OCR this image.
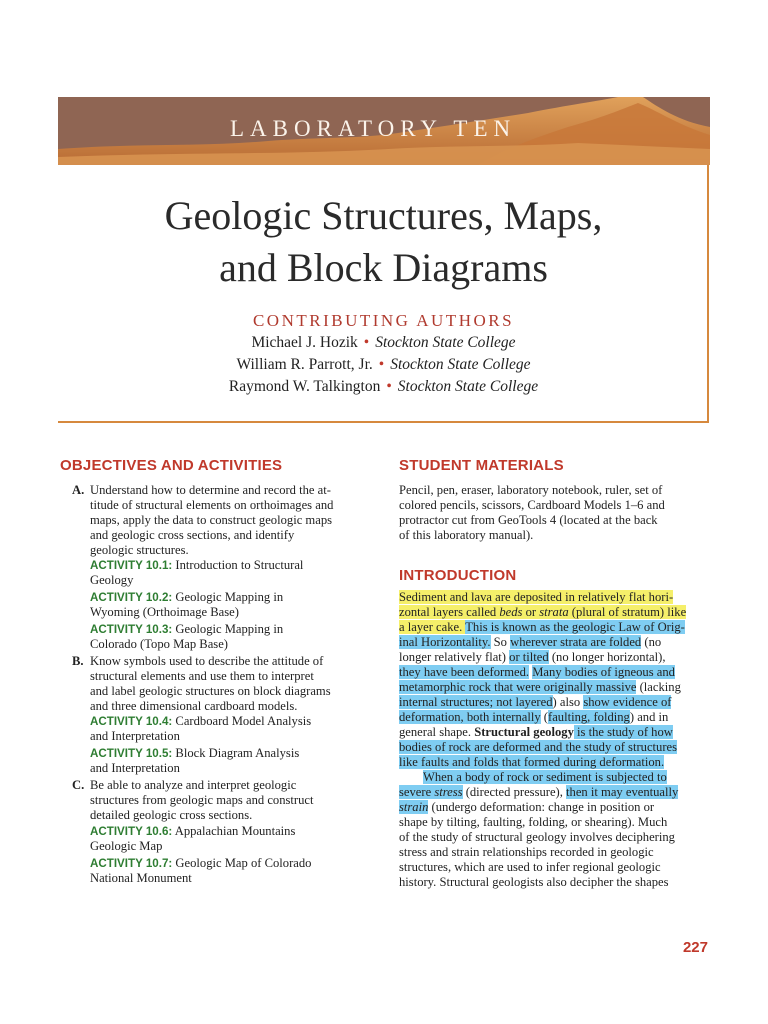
LABORATORY TEN
Geologic Structures, Maps,
and Block Diagrams
CONTRIBUTING AUTHORS
Michael J. Hozik • Stockton State College
William R. Parrott, Jr. • Stockton State College
Raymond W. Talkington • Stockton State College
OBJECTIVES AND ACTIVITIES
A. Understand how to determine and record the at-
titude of structural elements on orthoimages and
maps, apply the data to construct geologic maps
and geologic cross sections, and identify
geologic structures.
ACTIVITY 10.1: Introduction to Structural
Geology
ACTIVITY 10.2: Geologic Mapping in
Wyoming (Orthoimage Base)
ACTIVITY 10.3: Geologic Mapping in
Colorado (Topo Map Base)
B. Know symbols used to describe the attitude of
structural elements and use them to interpret
and label geologic structures on block diagrams
and three dimensional cardboard models.
ACTIVITY 10.4: Cardboard Model Analysis
and Interpretation
ACTIVITY 10.5: Block Diagram Analysis
and Interpretation
C. Be able to analyze and interpret geologic
structures from geologic maps and construct
detailed geologic cross sections.
ACTIVITY 10.6: Appalachian Mountains
Geologic Map
ACTIVITY 10.7: Geologic Map of Colorado
National Monument
STUDENT MATERIALS
Pencil, pen, eraser, laboratory notebook, ruler, set of
colored pencils, scissors, Cardboard Models 1–6 and
protractor cut from GeoTools 4 (located at the back
of this laboratory manual).
INTRODUCTION
Sediment and lava are deposited in relatively flat hori-
zontal layers called beds or strata (plural of stratum) like
a layer cake. This is known as the geologic Law of Orig-
inal Horizontality. So wherever strata are folded (no
longer relatively flat) or tilted (no longer horizontal),
they have been deformed. Many bodies of igneous and
metamorphic rock that were originally massive (lacking
internal structures; not layered) also show evidence of
deformation, both internally (faulting, folding) and in
general shape. Structural geology is the study of how
bodies of rock are deformed and the study of structures
like faults and folds that formed during deformation.
When a body of rock or sediment is subjected to
severe stress (directed pressure), then it may eventually
strain (undergo deformation: change in position or
shape by tilting, faulting, folding, or shearing). Much
of the study of structural geology involves deciphering
stress and strain relationships recorded in geologic
structures, which are used to infer regional geologic
history. Structural geologists also decipher the shapes
227
